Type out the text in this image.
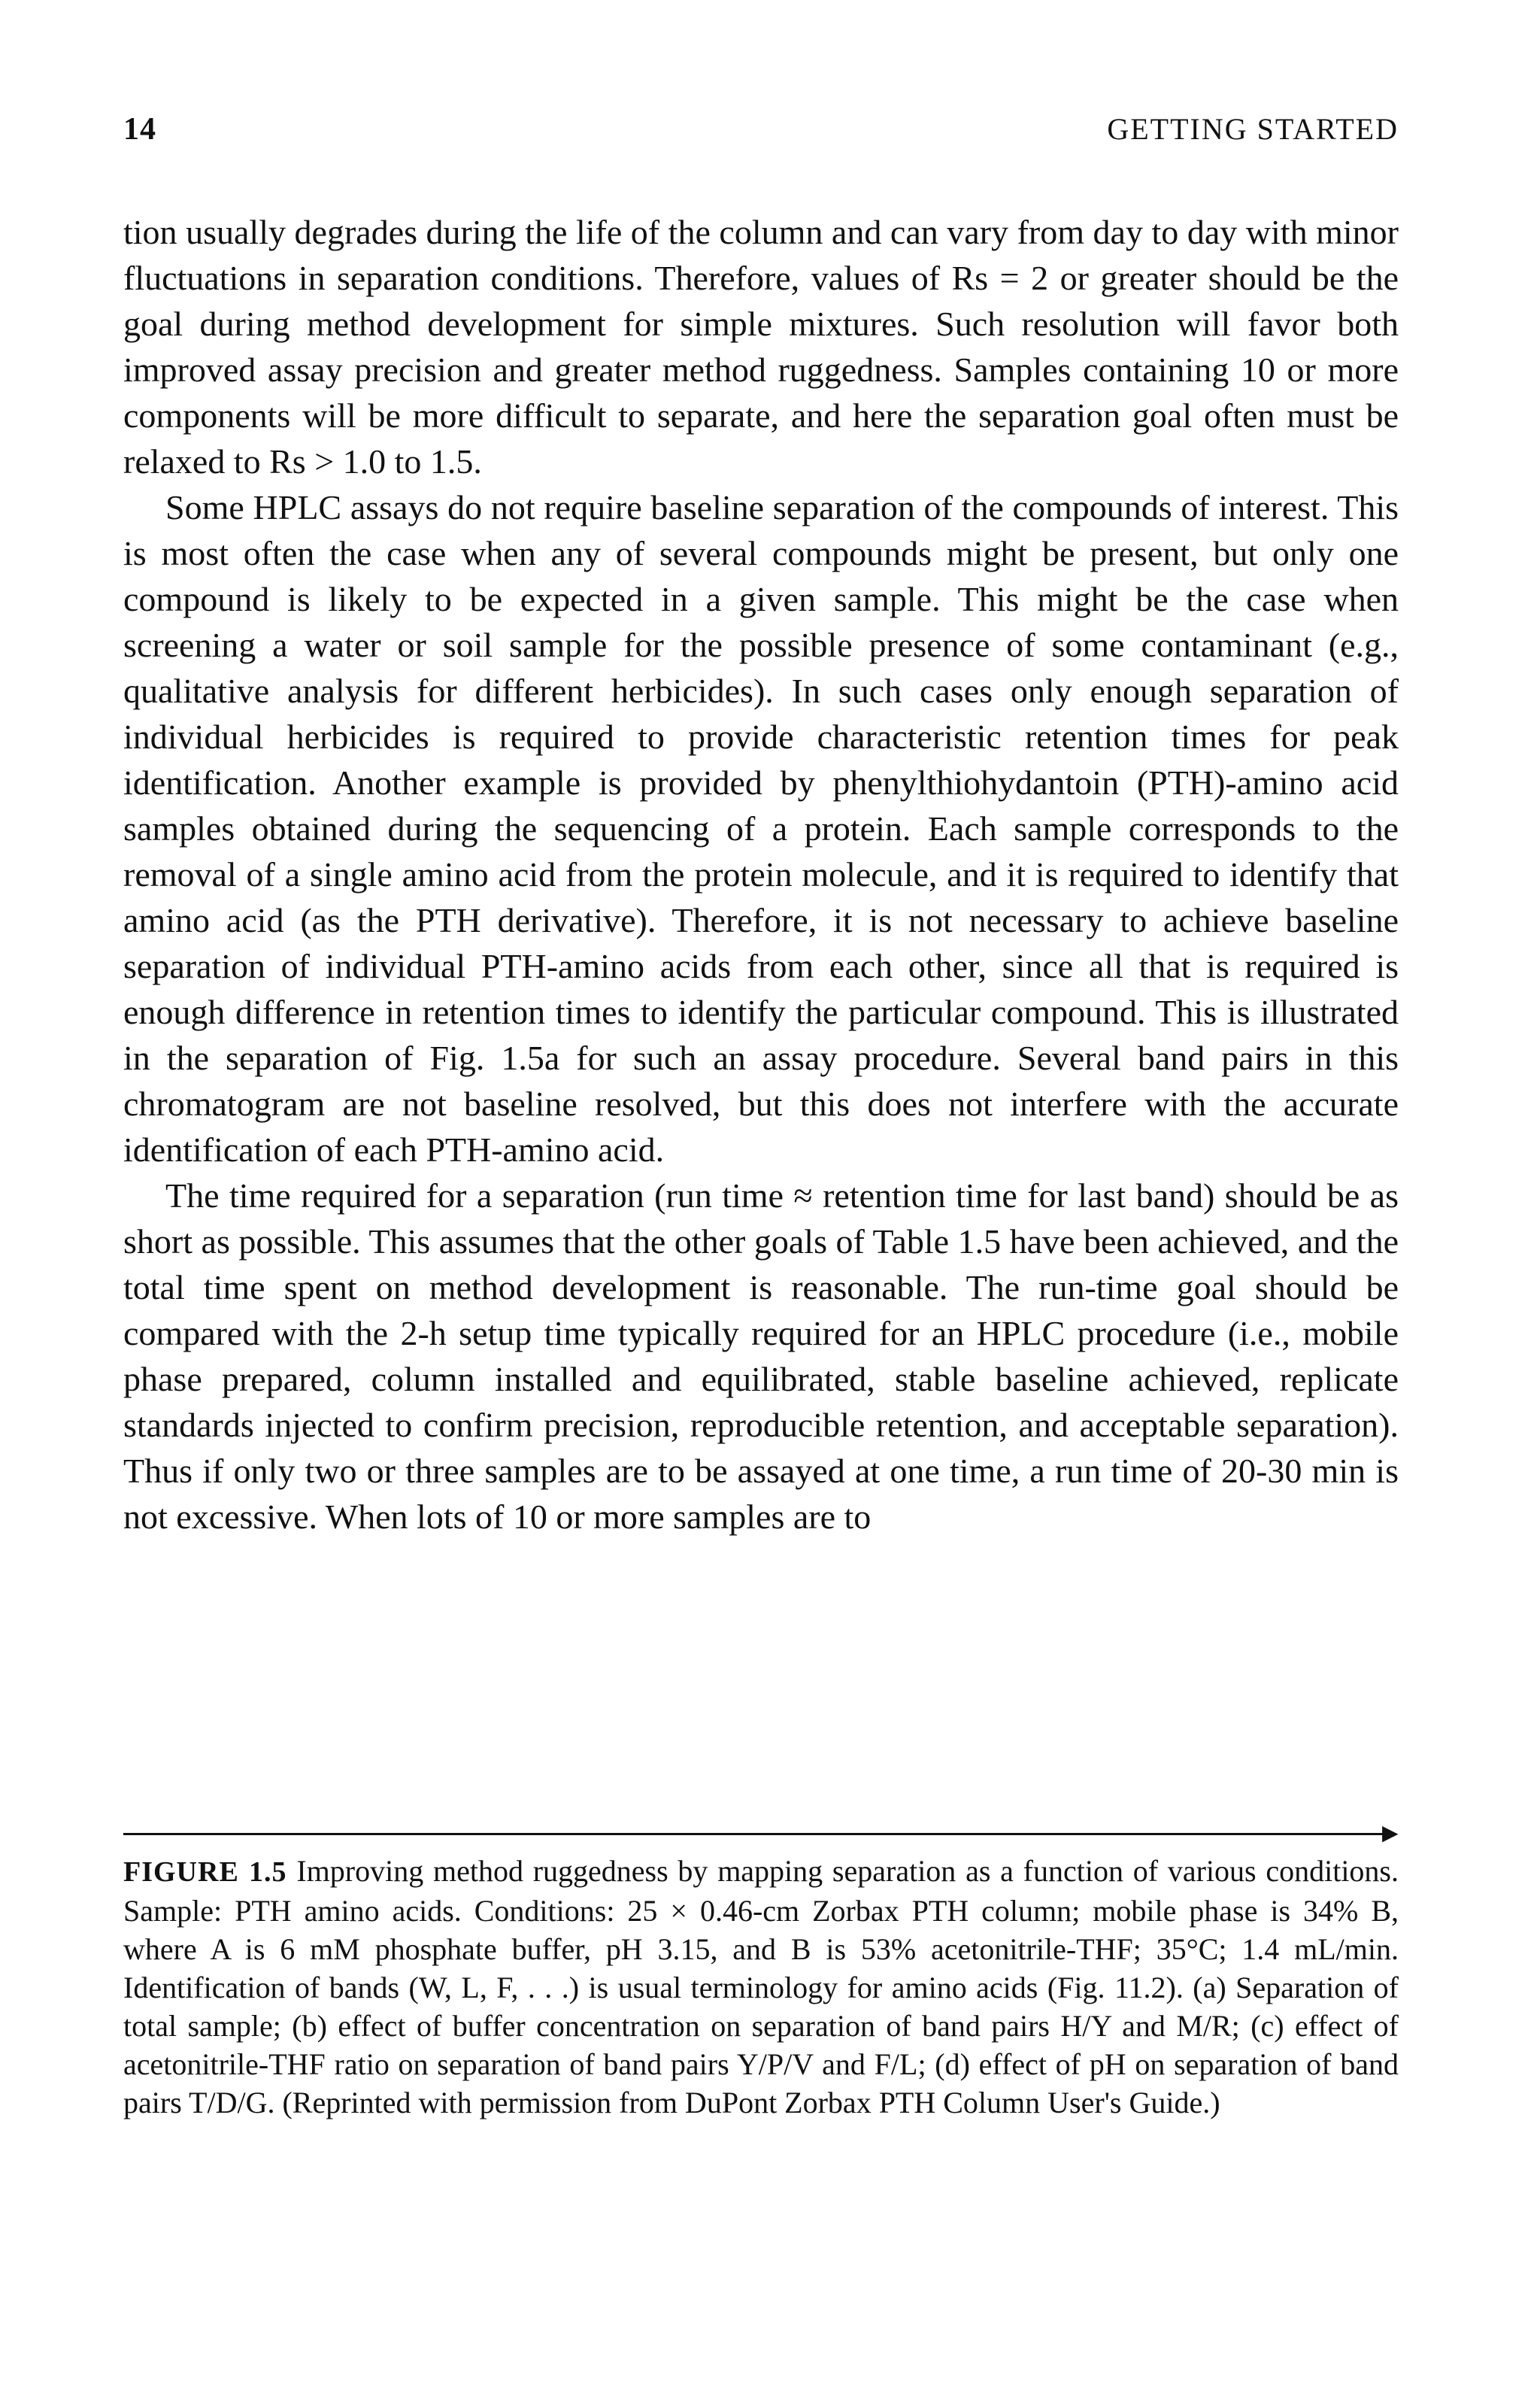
14	GETTING STARTED

tion usually degrades during the life of the column and can vary from day to day with minor fluctuations in separation conditions. Therefore, values of Rs = 2 or greater should be the goal during method development for simple mixtures. Such resolution will favor both improved assay precision and greater method ruggedness. Samples containing 10 or more components will be more difficult to separate, and here the separation goal often must be relaxed to Rs > 1.0 to 1.5.

Some HPLC assays do not require baseline separation of the compounds of interest. This is most often the case when any of several compounds might be present, but only one compound is likely to be expected in a given sample. This might be the case when screening a water or soil sample for the possible presence of some contaminant (e.g., qualitative analysis for different herbicides). In such cases only enough separation of individual herbicides is required to provide characteristic retention times for peak identification. Another example is provided by phenylthiohydantoin (PTH)-amino acid samples obtained during the sequencing of a protein. Each sample corresponds to the removal of a single amino acid from the protein molecule, and it is required to identify that amino acid (as the PTH derivative). Therefore, it is not necessary to achieve baseline separation of individual PTH-amino acids from each other, since all that is required is enough difference in retention times to identify the particular compound. This is illustrated in the separation of Fig. 1.5a for such an assay procedure. Several band pairs in this chromatogram are not baseline resolved, but this does not interfere with the accurate identification of each PTH-amino acid.

The time required for a separation (run time ≈ retention time for last band) should be as short as possible. This assumes that the other goals of Table 1.5 have been achieved, and the total time spent on method development is reasonable. The run-time goal should be compared with the 2-h setup time typically required for an HPLC procedure (i.e., mobile phase prepared, column installed and equilibrated, stable baseline achieved, replicate standards injected to confirm precision, reproducible retention, and acceptable separation). Thus if only two or three samples are to be assayed at one time, a run time of 20-30 min is not excessive. When lots of 10 or more samples are to

▶
FIGURE 1.5 Improving method ruggedness by mapping separation as a function of various conditions. Sample: PTH amino acids. Conditions: 25 × 0.46-cm Zorbax PTH column; mobile phase is 34% B, where A is 6 mM phosphate buffer, pH 3.15, and B is 53% acetonitrile-THF; 35°C; 1.4 mL/min. Identification of bands (W, L, F, . . .) is usual terminology for amino acids (Fig. 11.2). (a) Separation of total sample; (b) effect of buffer concentration on separation of band pairs H/Y and M/R; (c) effect of acetonitrile-THF ratio on separation of band pairs Y/P/V and F/L; (d) effect of pH on separation of band pairs T/D/G. (Reprinted with permission from DuPont Zorbax PTH Column User's Guide.)
